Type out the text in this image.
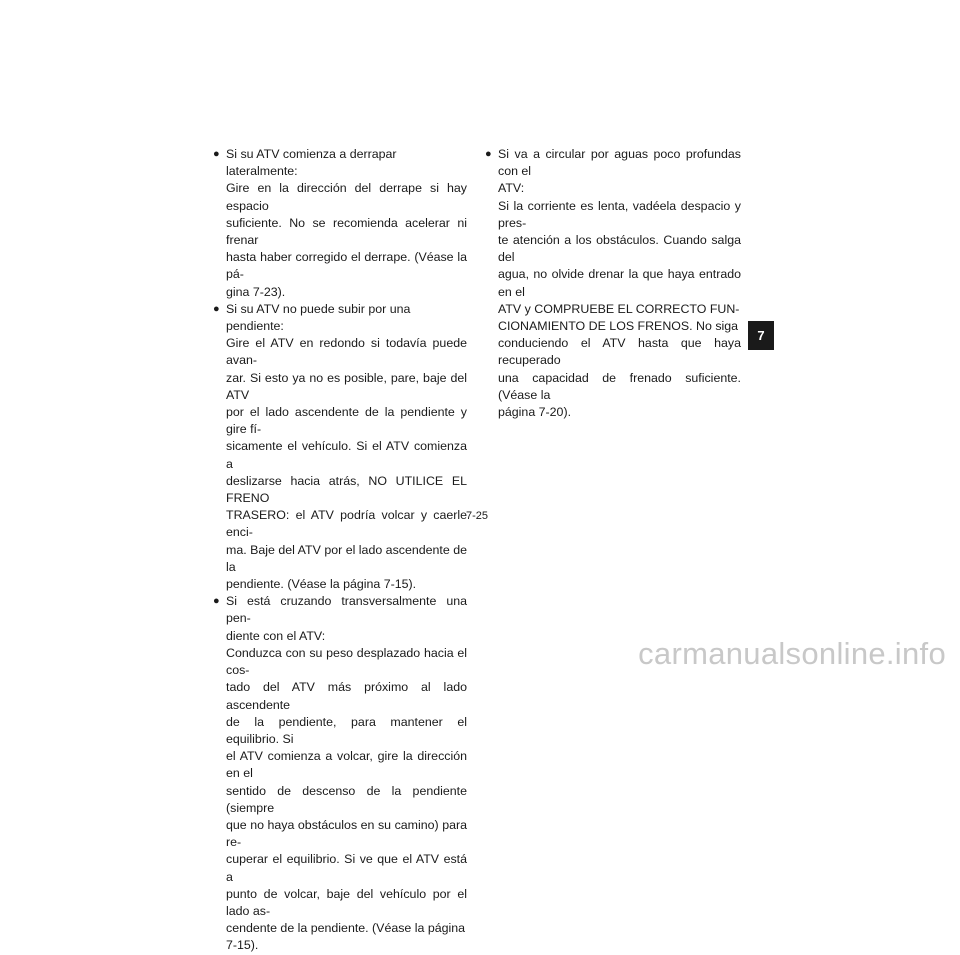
● Si su ATV comienza a derrapar lateralmente:
Gire en la dirección del derrape si hay espacio
suficiente. No se recomienda acelerar ni frenar
hasta haber corregido el derrape. (Véase la pá-
gina 7-23).
● Si su ATV no puede subir por una pendiente:
Gire el ATV en redondo si todavía puede avan-
zar. Si esto ya no es posible, pare, baje del ATV
por el lado ascendente de la pendiente y gire fí-
sicamente el vehículo. Si el ATV comienza a
deslizarse hacia atrás, NO UTILICE EL FRENO
TRASERO: el ATV podría volcar y caerle enci-
ma. Baje del ATV por el lado ascendente de la
pendiente. (Véase la página 7-15).
● Si está cruzando transversalmente una pen-
diente con el ATV:
Conduzca con su peso desplazado hacia el cos-
tado del ATV más próximo al lado ascendente
de la pendiente, para mantener el equilibrio. Si
el ATV comienza a volcar, gire la dirección en el
sentido de descenso de la pendiente (siempre
que no haya obstáculos en su camino) para re-
cuperar el equilibrio. Si ve que el ATV está a
punto de volcar, baje del vehículo por el lado as-
cendente de la pendiente. (Véase la página
7-15).
● Si va a circular por aguas poco profundas con el
ATV:
Si la corriente es lenta, vadéela despacio y pres-
te atención a los obstáculos. Cuando salga del
agua, no olvide drenar la que haya entrado en el
ATV y COMPRUEBE EL CORRECTO FUN-
CIONAMIENTO DE LOS FRENOS. No siga
conduciendo el ATV hasta que haya recuperado
una capacidad de frenado suficiente. (Véase la
página 7-20).
7
7-25
carmanualsonline.info
